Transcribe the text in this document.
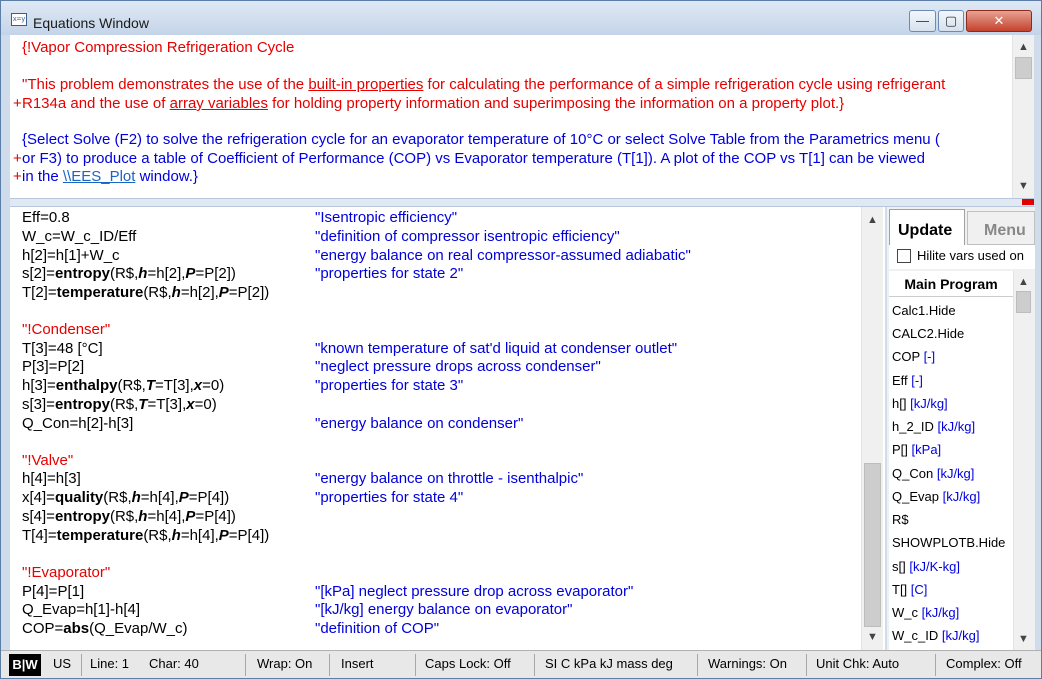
x=y Equations Window	—	▢	✕
{!Vapor Compression Refrigeration Cycle
"This problem demonstrates the use of the built-in properties for calculating the performance of a simple refrigeration cycle using refrigerant
+ R134a and the use of array variables for holding property information and superimposing the information on a property plot.}
{Select Solve (F2) to solve the refrigeration cycle for an evaporator temperature of 10°C or select Solve Table from the Parametrics menu (
+ or F3) to produce a table of Coefficient of Performance (COP) vs Evaporator temperature (T[1]). A plot of the COP vs T[1] can be viewed
+ in the \\EES_Plot window.}
▲
▼
Eff=0.8	"Isentropic efficiency"
W_c=W_c_ID/Eff	"definition of compressor isentropic efficiency"
h[2]=h[1]+W_c	"energy balance on real compressor-assumed adiabatic"
s[2]=entropy(R$,h=h[2],P=P[2])	"properties for state 2"
T[2]=temperature(R$,h=h[2],P=P[2])
"!Condenser"
T[3]=48 [°C]	"known temperature of sat'd liquid at condenser outlet"
P[3]=P[2]	"neglect pressure drops across condenser"
h[3]=enthalpy(R$,T=T[3],x=0)	"properties for state 3"
s[3]=entropy(R$,T=T[3],x=0)
Q_Con=h[2]-h[3]	"energy balance on condenser"
"!Valve"
h[4]=h[3]	"energy balance on throttle - isenthalpic"
x[4]=quality(R$,h=h[4],P=P[4])	"properties for state 4"
s[4]=entropy(R$,h=h[4],P=P[4])
T[4]=temperature(R$,h=h[4],P=P[4])
"!Evaporator"
P[4]=P[1]	"[kPa] neglect pressure drop across evaporator"
Q_Evap=h[1]-h[4]	"[kJ/kg] energy balance on evaporator"
COP=abs(Q_Evap/W_c)	"definition of COP"
▲
▼
Update	Menu
Hilite vars used on
Main Program
Calc1.Hide
CALC2.Hide
COP [-]
Eff [-]
h[] [kJ/kg]
h_2_ID [kJ/kg]
P[] [kPa]
Q_Con [kJ/kg]
Q_Evap [kJ/kg]
R$
SHOWPLOTB.Hide
s[] [kJ/K-kg]
T[] [C]
W_c [kJ/kg]
W_c_ID [kJ/kg]
▲
▼
B|W US Line: 1 Char: 40	Wrap: On Insert	Caps Lock: Off	SI C kPa kJ mass deg	Warnings: On Unit Chk: Auto	Complex: Off
